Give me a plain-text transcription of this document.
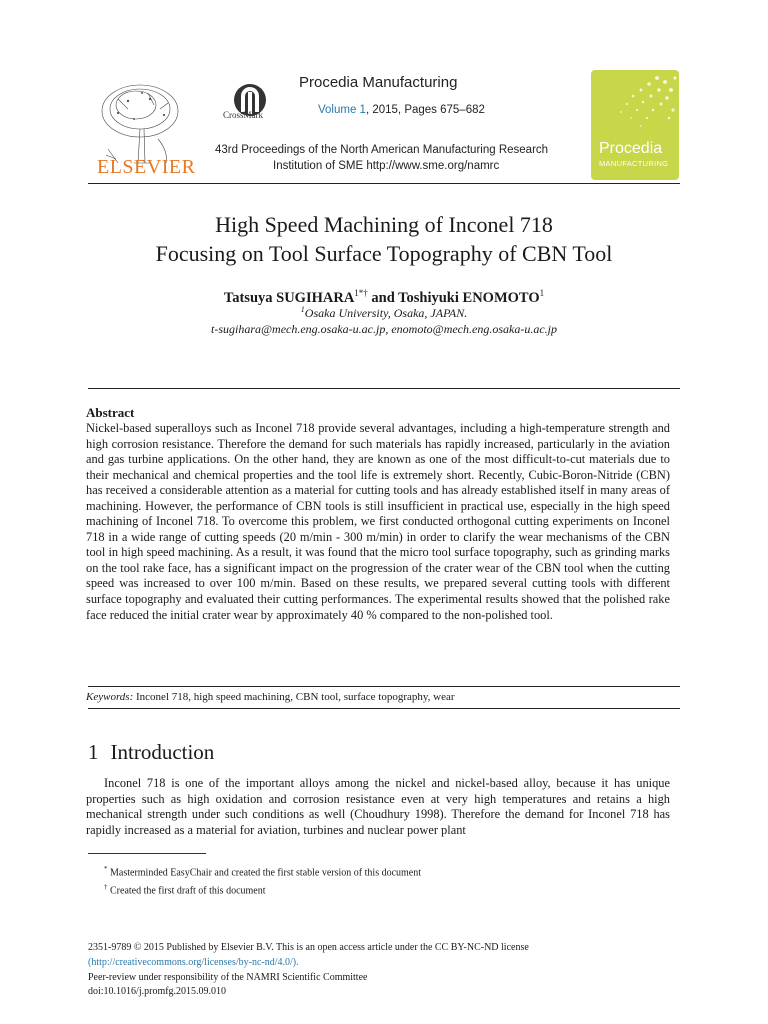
ELSEVIER
CrossMark
Procedia Manufacturing
Volume 1, 2015, Pages 675–682
43rd Proceedings of the North American Manufacturing Research
Institution of SME http://www.sme.org/namrc
Procedia
MANUFACTURING
High Speed Machining of Inconel 718
Focusing on Tool Surface Topography of CBN Tool
Tatsuya $SUGIHARA^{1*\dagger}$ and Toshiyuki ENOMOTO$^1$
$^1$Osaka University, Osaka, JAPAN.
t-sugihara@mech.eng.osaka-u.ac.jp, enomoto@mech.eng.osaka-u.ac.jp
Abstract
Nickel-based superalloys such as Inconel 718 provide several advantages, including a high-temperature strength and high corrosion resistance. Therefore the demand for such materials has rapidly increased, particularly in the aviation and gas turbine applications. On the other hand, they are known as one of the most difficult-to-cut materials due to their mechanical and chemical properties and the tool life is extremely short. Recently, Cubic-Boron-Nitride (CBN) has received a considerable attention as a material for cutting tools and has already established itself in many areas of machining. However, the performance of CBN tools is still insufficient in practical use, especially in the high speed machining of Inconel 718. To overcome this problem, we first conducted orthogonal cutting experiments on Inconel 718 in a wide range of cutting speeds (20 m/min - 300 m/min) in order to clarify the wear mechanisms of the CBN tool in high speed machining. As a result, it was found that the micro tool surface topography, such as grinding marks on the tool rake face, has a significant impact on the progression of the crater wear of the CBN tool when the cutting speed was increased to over 100 m/min. Based on these results, we prepared several cutting tools with different surface topography and evaluated their cutting performances. The experimental results showed that the polished rake face reduced the initial crater wear by approximately 40 % compared to the non-polished tool.
Keywords: Inconel 718, high speed machining, CBN tool, surface topography, wear
1 Introduction
Inconel 718 is one of the important alloys among the nickel and nickel-based alloy, because it has unique properties such as high oxidation and corrosion resistance even at very high temperatures and retains a high mechanical strength under such conditions as well (Choudhury 1998). Therefore the demand for Inconel 718 has rapidly increased as a material for aviation, turbines and nuclear power plant
* Masterminded EasyChair and created the first stable version of this document
† Created the first draft of this document
2351-9789 © 2015 Published by Elsevier B.V. This is an open access article under the CC BY-NC-ND license
(http://creativecommons.org/licenses/by-nc-nd/4.0/).
Peer-review under responsibility of the NAMRI Scientific Committee
doi:10.1016/j.promfg.2015.09.010
